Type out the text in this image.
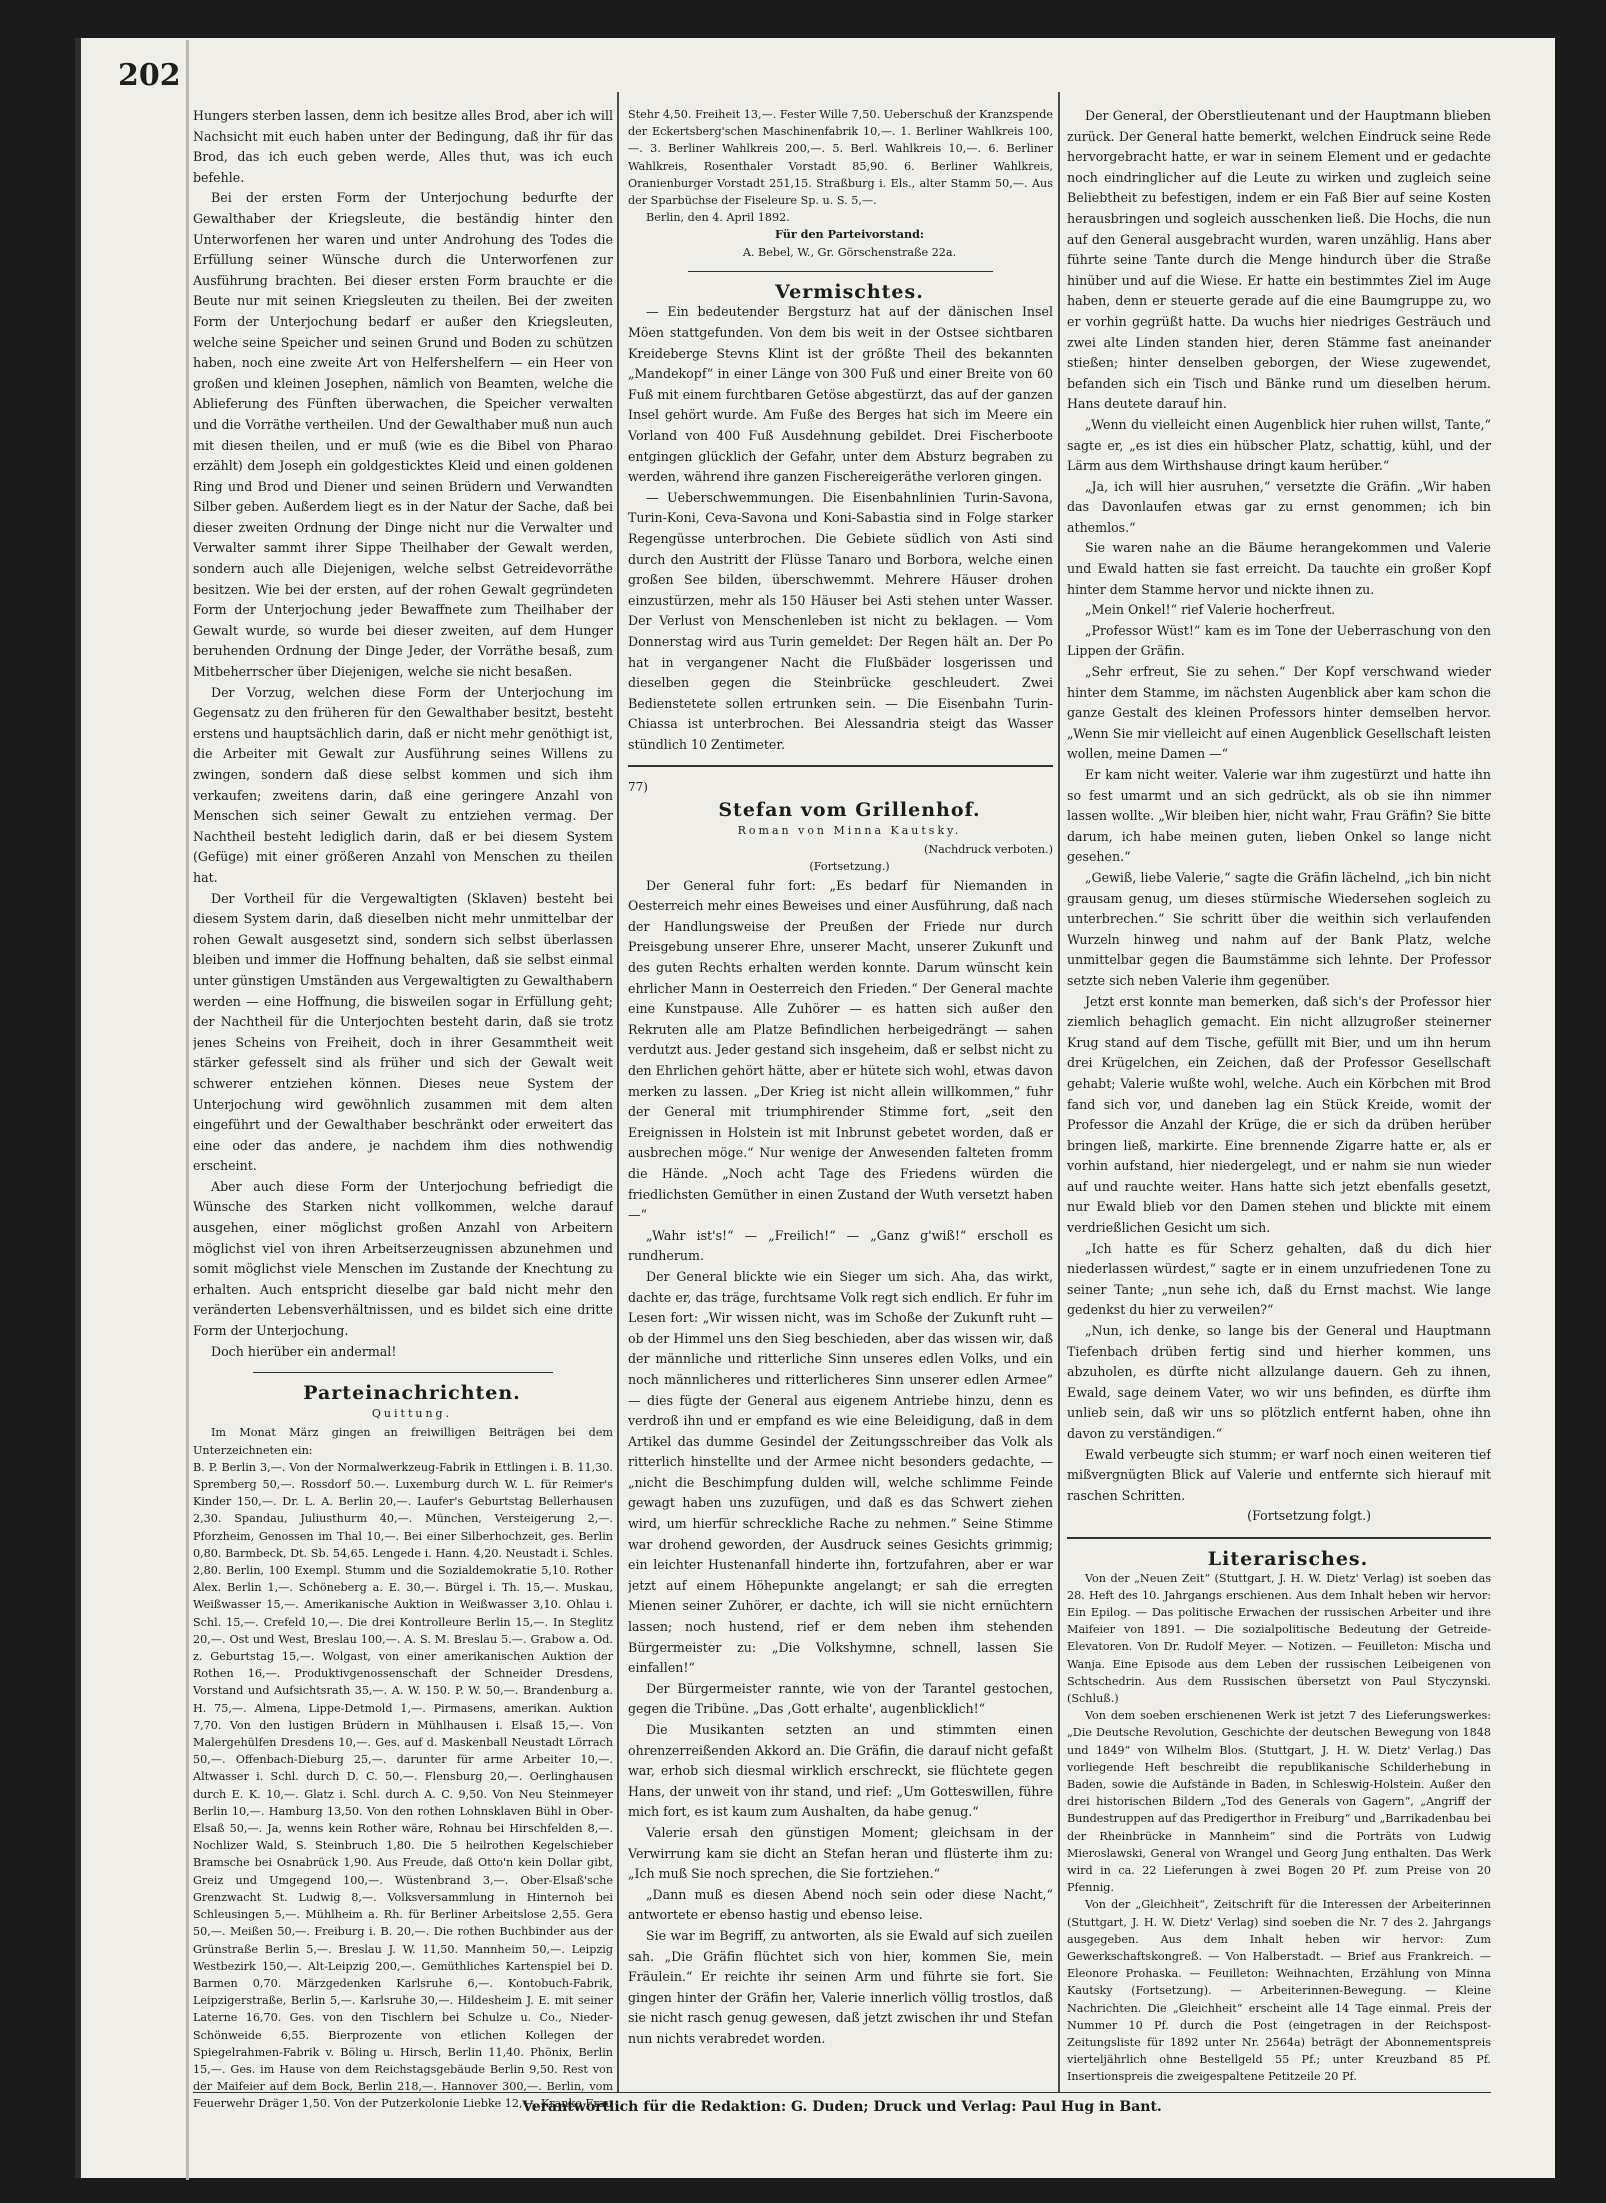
202

Hungers sterben lassen, denn ich besitze alles Brod, aber ich will Nachsicht mit euch haben unter der Bedingung, daß ihr für das Brod, das ich euch geben werde, Alles thut, was ich euch befehle.

Bei der ersten Form der Unterjochung bedurfte der Gewalthaber der Kriegsleute, die beständig hinter den Unterworfenen her waren und unter Androhung des Todes die Erfüllung seiner Wünsche durch die Unterworfenen zur Ausführung brachten. Bei dieser ersten Form brauchte er die Beute nur mit seinen Kriegsleuten zu theilen. Bei der zweiten Form der Unterjochung bedarf er außer den Kriegsleuten, welche seine Speicher und seinen Grund und Boden zu schützen haben, noch eine zweite Art von Helfershelfern — ein Heer von großen und kleinen Josephen, nämlich von Beamten, welche die Ablieferung des Fünften überwachen, die Speicher verwalten und die Vorräthe vertheilen. Und der Gewalthaber muß nun auch mit diesen theilen, und er muß (wie es die Bibel von Pharao erzählt) dem Joseph ein goldgesticktes Kleid und einen goldenen Ring und Brod und Diener und seinen Brüdern und Verwandten Silber geben. Außerdem liegt es in der Natur der Sache, daß bei dieser zweiten Ordnung der Dinge nicht nur die Verwalter und Verwalter sammt ihrer Sippe Theilhaber der Gewalt werden, sondern auch alle Diejenigen, welche selbst Getreidevorräthe besitzen. Wie bei der ersten, auf der rohen Gewalt gegründeten Form der Unterjochung jeder Bewaffnete zum Theilhaber der Gewalt wurde, so wurde bei dieser zweiten, auf dem Hunger beruhenden Ordnung der Dinge Jeder, der Vorräthe besaß, zum Mitbeherrscher über Diejenigen, welche sie nicht besaßen.

Der Vorzug, welchen diese Form der Unterjochung im Gegensatz zu den früheren für den Gewalthaber besitzt, besteht erstens und hauptsächlich darin, daß er nicht mehr genöthigt ist, die Arbeiter mit Gewalt zur Ausführung seines Willens zu zwingen, sondern daß diese selbst kommen und sich ihm verkaufen; zweitens darin, daß eine geringere Anzahl von Menschen sich seiner Gewalt zu entziehen vermag. Der Nachtheil besteht lediglich darin, daß er bei diesem System (Gefüge) mit einer größeren Anzahl von Menschen zu theilen hat.

Der Vortheil für die Vergewaltigten (Sklaven) besteht bei diesem System darin, daß dieselben nicht mehr unmittelbar der rohen Gewalt ausgesetzt sind, sondern sich selbst überlassen bleiben und immer die Hoffnung behalten, daß sie selbst einmal unter günstigen Umständen aus Vergewaltigten zu Gewalthabern werden — eine Hoffnung, die bisweilen sogar in Erfüllung geht; der Nachtheil für die Unterjochten besteht darin, daß sie trotz jenes Scheins von Freiheit, doch in ihrer Gesammtheit weit stärker gefesselt sind als früher und sich der Gewalt weit schwerer entziehen können. Dieses neue System der Unterjochung wird gewöhnlich zusammen mit dem alten eingeführt und der Gewalthaber beschränkt oder erweitert das eine oder das andere, je nachdem ihm dies nothwendig erscheint.

Aber auch diese Form der Unterjochung befriedigt die Wünsche des Starken nicht vollkommen, welche darauf ausgehen, einer möglichst großen Anzahl von Arbeitern möglichst viel von ihren Arbeitserzeugnissen abzunehmen und somit möglichst viele Menschen im Zustande der Knechtung zu erhalten. Auch entspricht dieselbe gar bald nicht mehr den veränderten Lebensverhältnissen, und es bildet sich eine dritte Form der Unterjochung.

Doch hierüber ein andermal!

Parteinachrichten.

Quittung.

Im Monat März gingen an freiwilligen Beiträgen bei dem Unterzeichneten ein:

B. P. Berlin 3,—. Von der Normalwerkzeug-Fabrik in Ettlingen i. B. 11,30. Spremberg 50,—. Rossdorf 50.—. Luxemburg durch W. L. für Reimer's Kinder 150,—. Dr. L. A. Berlin 20,—. Laufer's Geburtstag Bellerhausen 2,30. Spandau, Juliusthurm 40,—. München, Versteigerung 2,—. Pforzheim, Genossen im Thal 10,—. Bei einer Silberhochzeit, ges. Berlin 0,80. Barmbeck, Dt. Sb. 54,65. Lengede i. Hann. 4,20. Neustadt i. Schles. 2,80. Berlin, 100 Exempl. Stumm und die Sozialdemokratie 5,10. Rother Alex. Berlin 1,—. Schöneberg a. E. 30,—. Bürgel i. Th. 15,—. Muskau, Weißwasser 15,—. Amerikanische Auktion in Weißwasser 3,10. Ohlau i. Schl. 15,—. Crefeld 10,—. Die drei Kontrolleure Berlin 15,—. In Steglitz 20,—. Ost und West, Breslau 100,—. A. S. M. Breslau 5.—. Grabow a. Od. z. Geburtstag 15,—. Wolgast, von einer amerikanischen Auktion der Rothen 16,—. Produktivgenossenschaft der Schneider Dresdens, Vorstand und Aufsichtsrath 35,—. A. W. 150. P. W. 50,—. Brandenburg a. H. 75,—. Almena, Lippe-Detmold 1,—. Pirmasens, amerikan. Auktion 7,70. Von den lustigen Brüdern in Mühlhausen i. Elsaß 15,—. Von Malergehülfen Dresdens 10,—. Ges. auf d. Maskenball Neustadt Lörrach 50,—. Offenbach-Dieburg 25,—. darunter für arme Arbeiter 10,—. Altwasser i. Schl. durch D. C. 50,—. Flensburg 20,—. Oerlinghausen durch E. K. 10,—. Glatz i. Schl. durch A. C. 9,50. Von Neu Steinmeyer Berlin 10,—. Hamburg 13,50. Von den rothen Lohnsklaven Bühl in Ober-Elsaß 50,—. Ja, wenns kein Rother wäre, Rohnau bei Hirschfelden 8,—. Nochlizer Wald, S. Steinbruch 1,80. Die 5 heilrothen Kegelschieber Bramsche bei Osnabrück 1,90. Aus Freude, daß Otto'n kein Dollar gibt, Greiz und Umgegend 100,—. Wüstenbrand 3,—. Ober-Elsaß'sche Grenzwacht St. Ludwig 8,—. Volksversammlung in Hinternoh bei Schleusingen 5,—. Mühlheim a. Rh. für Berliner Arbeitslose 2,55. Gera 50,—. Meißen 50,—. Freiburg i. B. 20,—. Die rothen Buchbinder aus der Grünstraße Berlin 5,—. Breslau J. W. 11,50. Mannheim 50,—. Leipzig Westbezirk 150,—. Alt-Leipzig 200,—. Gemüthliches Kartenspiel bei D. Barmen 0,70. Märzgedenken Karlsruhe 6,—. Kontobuch-Fabrik, Leipzigerstraße, Berlin 5,—. Karlsruhe 30,—. Hildesheim J. E. mit seiner Laterne 16,70. Ges. von den Tischlern bei Schulze u. Co., Nieder-Schönweide 6,55. Bierprozente von etlichen Kollegen der Spiegelrahmen-Fabrik v. Böling u. Hirsch, Berlin 11,40. Phönix, Berlin 15,—. Ges. im Hause von dem Reichstagsgebäude Berlin 9,50. Rest von der Maifeier auf dem Bock, Berlin 218,—. Hannover 300,—. Berlin, vom Feuerwehr Dräger 1,50. Von der Putzerkolonie Liebke 12,—. Kranke Frau

Stehr 4,50. Freiheit 13,—. Fester Wille 7,50. Ueberschuß der Kranzspende der Eckertsberg'schen Maschinenfabrik 10,—. 1. Berliner Wahlkreis 100,—. 3. Berliner Wahlkreis 200,—. 5. Berl. Wahlkreis 10,—. 6. Berliner Wahlkreis, Rosenthaler Vorstadt 85,90. 6. Berliner Wahlkreis, Oranienburger Vorstadt 251,15. Straßburg i. Els., alter Stamm 50,—. Aus der Sparbüchse der Fiseleure Sp. u. S. 5,—.

Berlin, den 4. April 1892.

Für den Parteivorstand:

A. Bebel, W., Gr. Görschenstraße 22a.

Vermischtes.

— Ein bedeutender Bergsturz hat auf der dänischen Insel Möen stattgefunden. Von dem bis weit in der Ostsee sichtbaren Kreideberge Stevns Klint ist der größte Theil des bekannten „Mandekopf“ in einer Länge von 300 Fuß und einer Breite von 60 Fuß mit einem furchtbaren Getöse abgestürzt, das auf der ganzen Insel gehört wurde. Am Fuße des Berges hat sich im Meere ein Vorland von 400 Fuß Ausdehnung gebildet. Drei Fischerboote entgingen glücklich der Gefahr, unter dem Absturz begraben zu werden, während ihre ganzen Fischereigeräthe verloren gingen.

— Ueberschwemmungen. Die Eisenbahnlinien Turin-Savona, Turin-Koni, Ceva-Savona und Koni-Sabastia sind in Folge starker Regengüsse unterbrochen. Die Gebiete südlich von Asti sind durch den Austritt der Flüsse Tanaro und Borbora, welche einen großen See bilden, überschwemmt. Mehrere Häuser drohen einzustürzen, mehr als 150 Häuser bei Asti stehen unter Wasser. Der Verlust von Menschenleben ist nicht zu beklagen. — Vom Donnerstag wird aus Turin gemeldet: Der Regen hält an. Der Po hat in vergangener Nacht die Flußbäder losgerissen und dieselben gegen die Steinbrücke geschleudert. Zwei Bedienstetete sollen ertrunken sein. — Die Eisenbahn Turin-Chiassa ist unterbrochen. Bei Alessandria steigt das Wasser stündlich 10 Zentimeter.

77)

Stefan vom Grillenhof.

Roman von Minna Kautsky.

(Nachdruck verboten.)

(Fortsetzung.)

Der General fuhr fort: „Es bedarf für Niemanden in Oesterreich mehr eines Beweises und einer Ausführung, daß nach der Handlungsweise der Preußen der Friede nur durch Preisgebung unserer Ehre, unserer Macht, unserer Zukunft und des guten Rechts erhalten werden konnte. Darum wünscht kein ehrlicher Mann in Oesterreich den Frieden.“ Der General machte eine Kunstpause. Alle Zuhörer — es hatten sich außer den Rekruten alle am Platze Befindlichen herbeigedrängt — sahen verdutzt aus. Jeder gestand sich insgeheim, daß er selbst nicht zu den Ehrlichen gehört hätte, aber er hütete sich wohl, etwas davon merken zu lassen. „Der Krieg ist nicht allein willkommen,“ fuhr der General mit triumphirender Stimme fort, „seit den Ereignissen in Holstein ist mit Inbrunst gebetet worden, daß er ausbrechen möge.“ Nur wenige der Anwesenden falteten fromm die Hände. „Noch acht Tage des Friedens würden die friedlichsten Gemüther in einen Zustand der Wuth versetzt haben —“

„Wahr ist's!“ — „Freilich!“ — „Ganz g'wiß!“ erscholl es rundherum.

Der General blickte wie ein Sieger um sich. Aha, das wirkt, dachte er, das träge, furchtsame Volk regt sich endlich. Er fuhr im Lesen fort: „Wir wissen nicht, was im Schoße der Zukunft ruht — ob der Himmel uns den Sieg beschieden, aber das wissen wir, daß der männliche und ritterliche Sinn unseres edlen Volks, und ein noch männlicheres und ritterlicheres Sinn unserer edlen Armee“ — dies fügte der General aus eigenem Antriebe hinzu, denn es verdroß ihn und er empfand es wie eine Beleidigung, daß in dem Artikel das dumme Gesindel der Zeitungsschreiber das Volk als ritterlich hinstellte und der Armee nicht besonders gedachte, — „nicht die Beschimpfung dulden will, welche schlimme Feinde gewagt haben uns zuzufügen, und daß es das Schwert ziehen wird, um hierfür schreckliche Rache zu nehmen.“ Seine Stimme war drohend geworden, der Ausdruck seines Gesichts grimmig; ein leichter Hustenanfall hinderte ihn, fortzufahren, aber er war jetzt auf einem Höhepunkte angelangt; er sah die erregten Mienen seiner Zuhörer, er dachte, ich will sie nicht ernüchtern lassen; noch hustend, rief er dem neben ihm stehenden Bürgermeister zu: „Die Volkshymne, schnell, lassen Sie einfallen!“

Der Bürgermeister rannte, wie von der Tarantel gestochen, gegen die Tribüne. „Das ,Gott erhalte', augenblicklich!“

Die Musikanten setzten an und stimmten einen ohrenzerreißenden Akkord an. Die Gräfin, die darauf nicht gefaßt war, erhob sich diesmal wirklich erschreckt, sie flüchtete gegen Hans, der unweit von ihr stand, und rief: „Um Gotteswillen, führe mich fort, es ist kaum zum Aushalten, da habe genug.“

Valerie ersah den günstigen Moment; gleichsam in der Verwirrung kam sie dicht an Stefan heran und flüsterte ihm zu: „Ich muß Sie noch sprechen, die Sie fortziehen.“

„Dann muß es diesen Abend noch sein oder diese Nacht,“ antwortete er ebenso hastig und ebenso leise.

Sie war im Begriff, zu antworten, als sie Ewald auf sich zueilen sah. „Die Gräfin flüchtet sich von hier, kommen Sie, mein Fräulein.“ Er reichte ihr seinen Arm und führte sie fort. Sie gingen hinter der Gräfin her, Valerie innerlich völlig trostlos, daß sie nicht rasch genug gewesen, daß jetzt zwischen ihr und Stefan nun nichts verabredet worden.

Der General, der Oberstlieutenant und der Hauptmann blieben zurück. Der General hatte bemerkt, welchen Eindruck seine Rede hervorgebracht hatte, er war in seinem Element und er gedachte noch eindringlicher auf die Leute zu wirken und zugleich seine Beliebtheit zu befestigen, indem er ein Faß Bier auf seine Kosten herausbringen und sogleich ausschenken ließ. Die Hochs, die nun auf den General ausgebracht wurden, waren unzählig. Hans aber führte seine Tante durch die Menge hindurch über die Straße hinüber und auf die Wiese. Er hatte ein bestimmtes Ziel im Auge haben, denn er steuerte gerade auf die eine Baumgruppe zu, wo er vorhin gegrüßt hatte. Da wuchs hier niedriges Gesträuch und zwei alte Linden standen hier, deren Stämme fast aneinander stießen; hinter denselben geborgen, der Wiese zugewendet, befanden sich ein Tisch und Bänke rund um dieselben herum. Hans deutete darauf hin.

„Wenn du vielleicht einen Augenblick hier ruhen willst, Tante,“ sagte er, „es ist dies ein hübscher Platz, schattig, kühl, und der Lärm aus dem Wirthshause dringt kaum herüber.“

„Ja, ich will hier ausruhen,“ versetzte die Gräfin. „Wir haben das Davonlaufen etwas gar zu ernst genommen; ich bin athemlos.“

Sie waren nahe an die Bäume herangekommen und Valerie und Ewald hatten sie fast erreicht. Da tauchte ein großer Kopf hinter dem Stamme hervor und nickte ihnen zu.

„Mein Onkel!“ rief Valerie hocherfreut.

„Professor Wüst!“ kam es im Tone der Ueberraschung von den Lippen der Gräfin.

„Sehr erfreut, Sie zu sehen.“ Der Kopf verschwand wieder hinter dem Stamme, im nächsten Augenblick aber kam schon die ganze Gestalt des kleinen Professors hinter demselben hervor. „Wenn Sie mir vielleicht auf einen Augenblick Gesellschaft leisten wollen, meine Damen —“

Er kam nicht weiter. Valerie war ihm zugestürzt und hatte ihn so fest umarmt und an sich gedrückt, als ob sie ihn nimmer lassen wollte. „Wir bleiben hier, nicht wahr, Frau Gräfin? Sie bitte darum, ich habe meinen guten, lieben Onkel so lange nicht gesehen.“

„Gewiß, liebe Valerie,“ sagte die Gräfin lächelnd, „ich bin nicht grausam genug, um dieses stürmische Wiedersehen sogleich zu unterbrechen.“ Sie schritt über die weithin sich verlaufenden Wurzeln hinweg und nahm auf der Bank Platz, welche unmittelbar gegen die Baumstämme sich lehnte. Der Professor setzte sich neben Valerie ihm gegenüber.

Jetzt erst konnte man bemerken, daß sich's der Professor hier ziemlich behaglich gemacht. Ein nicht allzugroßer steinerner Krug stand auf dem Tische, gefüllt mit Bier, und um ihn herum drei Krügelchen, ein Zeichen, daß der Professor Gesellschaft gehabt; Valerie wußte wohl, welche. Auch ein Körbchen mit Brod fand sich vor, und daneben lag ein Stück Kreide, womit der Professor die Anzahl der Krüge, die er sich da drüben herüber bringen ließ, markirte. Eine brennende Zigarre hatte er, als er vorhin aufstand, hier niedergelegt, und er nahm sie nun wieder auf und rauchte weiter. Hans hatte sich jetzt ebenfalls gesetzt, nur Ewald blieb vor den Damen stehen und blickte mit einem verdrießlichen Gesicht um sich.

„Ich hatte es für Scherz gehalten, daß du dich hier niederlassen würdest,“ sagte er in einem unzufriedenen Tone zu seiner Tante; „nun sehe ich, daß du Ernst machst. Wie lange gedenkst du hier zu verweilen?“

„Nun, ich denke, so lange bis der General und Hauptmann Tiefenbach drüben fertig sind und hierher kommen, uns abzuholen, es dürfte nicht allzulange dauern. Geh zu ihnen, Ewald, sage deinem Vater, wo wir uns befinden, es dürfte ihm unlieb sein, daß wir uns so plötzlich entfernt haben, ohne ihn davon zu verständigen.“

Ewald verbeugte sich stumm; er warf noch einen weiteren tief mißvergnügten Blick auf Valerie und entfernte sich hierauf mit raschen Schritten.

(Fortsetzung folgt.)

Literarisches.

Von der „Neuen Zeit“ (Stuttgart, J. H. W. Dietz' Verlag) ist soeben das 28. Heft des 10. Jahrgangs erschienen. Aus dem Inhalt heben wir hervor: Ein Epilog. — Das politische Erwachen der russischen Arbeiter und ihre Maifeier von 1891. — Die sozialpolitische Bedeutung der Getreide-Elevatoren. Von Dr. Rudolf Meyer. — Notizen. — Feuilleton: Mischa und Wanja. Eine Episode aus dem Leben der russischen Leibeigenen von Schtschedrin. Aus dem Russischen übersetzt von Paul Styczynski. (Schluß.)

Von dem soeben erschienenen Werk ist jetzt 7 des Lieferungswerkes: „Die Deutsche Revolution, Geschichte der deutschen Bewegung von 1848 und 1849“ von Wilhelm Blos. (Stuttgart, J. H. W. Dietz' Verlag.) Das vorliegende Heft beschreibt die republikanische Schilderhebung in Baden, sowie die Aufstände in Baden, in Schleswig-Holstein. Außer den drei historischen Bildern „Tod des Generals von Gagern“, „Angriff der Bundestruppen auf das Predigerthor in Freiburg“ und „Barrikadenbau bei der Rheinbrücke in Mannheim“ sind die Porträts von Ludwig Mieroslawski, General von Wrangel und Georg Jung enthalten. Das Werk wird in ca. 22 Lieferungen à zwei Bogen 20 Pf. zum Preise von 20 Pfennig.

Von der „Gleichheit“, Zeitschrift für die Interessen der Arbeiterinnen (Stuttgart, J. H. W. Dietz' Verlag) sind soeben die Nr. 7 des 2. Jahrgangs ausgegeben. Aus dem Inhalt heben wir hervor: Zum Gewerkschaftskongreß. — Von Halberstadt. — Brief aus Frankreich. — Eleonore Prohaska. — Feuilleton: Weihnachten, Erzählung von Minna Kautsky (Fortsetzung). — Arbeiterinnen-Bewegung. — Kleine Nachrichten. Die „Gleichheit“ erscheint alle 14 Tage einmal. Preis der Nummer 10 Pf. durch die Post (eingetragen in der Reichspost-Zeitungsliste für 1892 unter Nr. 2564a) beträgt der Abonnementspreis vierteljährlich ohne Bestellgeld 55 Pf.; unter Kreuzband 85 Pf. Insertionspreis die zweigespaltene Petitzeile 20 Pf.

Verantwortlich für die Redaktion: G. Duden; Druck und Verlag: Paul Hug in Bant.
